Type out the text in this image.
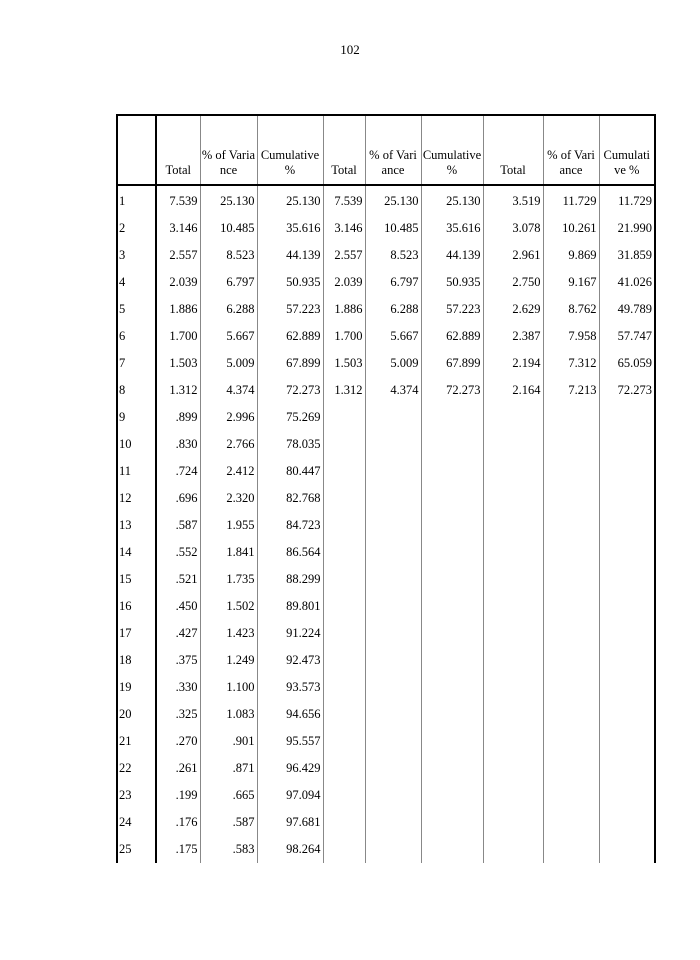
102
	Total	% of Variance	Cumulative %	Total	% of Variance	Cumulative %	Total	% of Variance	Cumulative %
1	7.539	25.130	25.130	7.539	25.130	25.130	3.519	11.729	11.729
2	3.146	10.485	35.616	3.146	10.485	35.616	3.078	10.261	21.990
3	2.557	8.523	44.139	2.557	8.523	44.139	2.961	9.869	31.859
4	2.039	6.797	50.935	2.039	6.797	50.935	2.750	9.167	41.026
5	1.886	6.288	57.223	1.886	6.288	57.223	2.629	8.762	49.789
6	1.700	5.667	62.889	1.700	5.667	62.889	2.387	7.958	57.747
7	1.503	5.009	67.899	1.503	5.009	67.899	2.194	7.312	65.059
8	1.312	4.374	72.273	1.312	4.374	72.273	2.164	7.213	72.273
9	.899	2.996	75.269						
10	.830	2.766	78.035						
11	.724	2.412	80.447						
12	.696	2.320	82.768						
13	.587	1.955	84.723						
14	.552	1.841	86.564						
15	.521	1.735	88.299						
16	.450	1.502	89.801						
17	.427	1.423	91.224						
18	.375	1.249	92.473						
19	.330	1.100	93.573						
20	.325	1.083	94.656						
21	.270	.901	95.557						
22	.261	.871	96.429						
23	.199	.665	97.094						
24	.176	.587	97.681						
25	.175	.583	98.264						
